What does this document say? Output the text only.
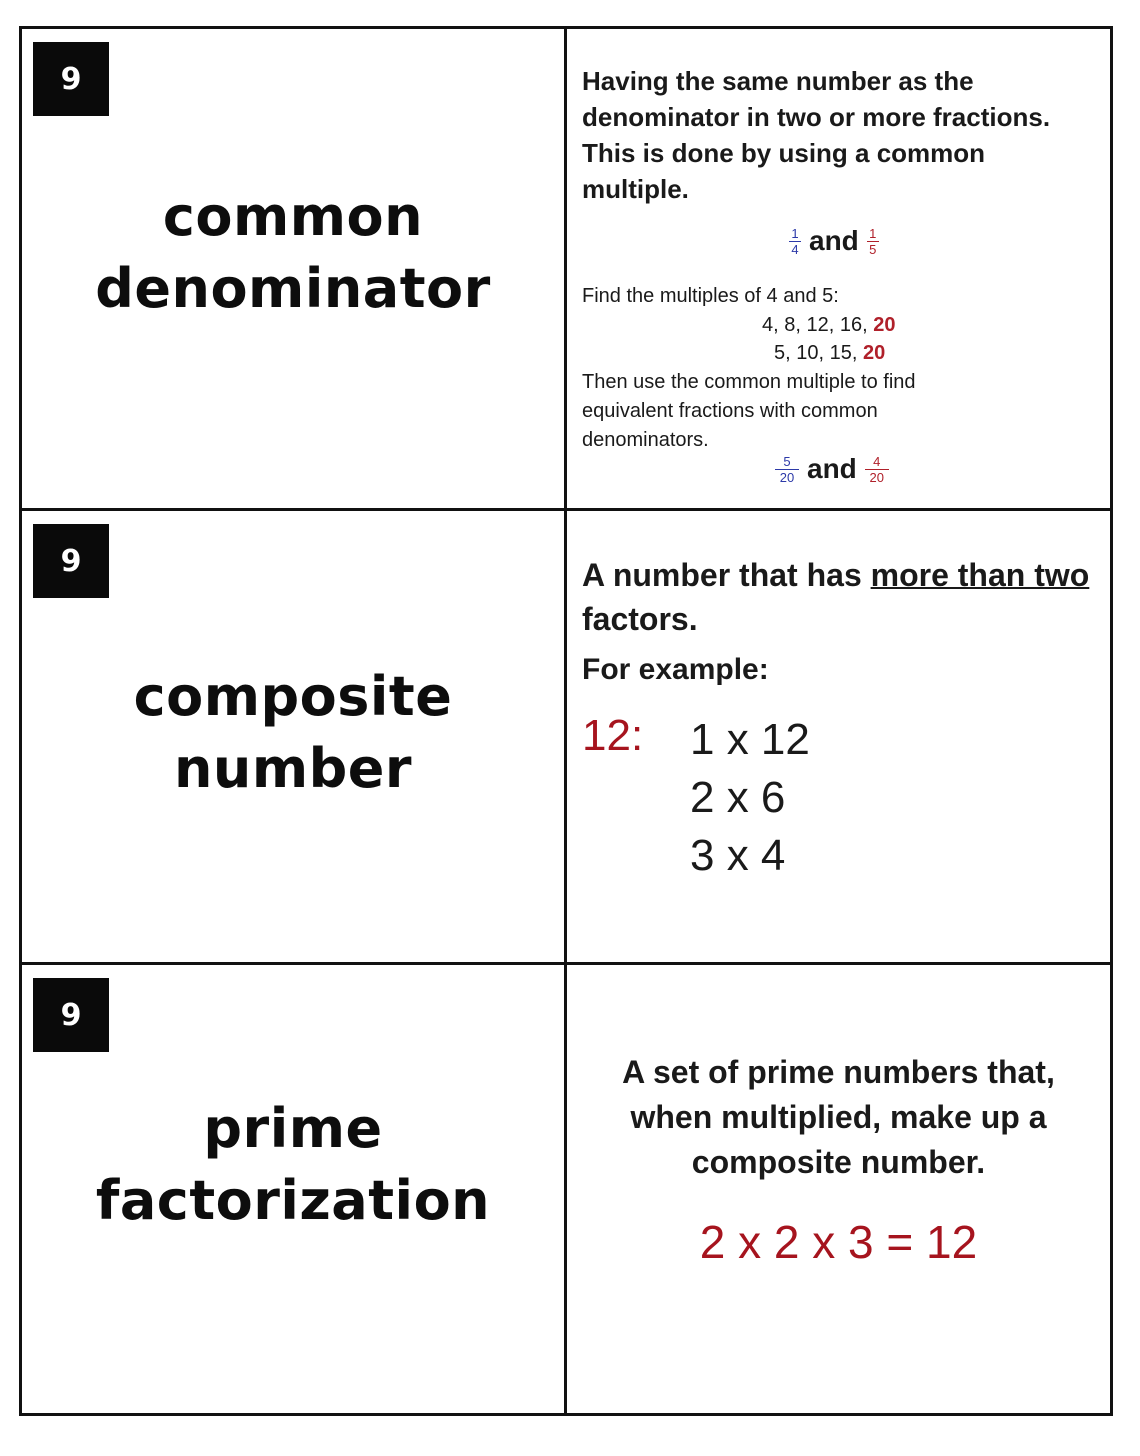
9
common
denominator
Having the same number as the denominator in two or more fractions. This is done by using a common multiple.
$\frac{1}{4}$ and $\frac{1}{5}$
Find the multiples of 4 and 5:
4, 8, 12, 16, 20
5, 10, 15, 20
Then use the common multiple to find equivalent fractions with common denominators.
$\frac{5}{20}$ and $\frac{4}{20}$
9
composite
number
A number that has more than two factors.
For example:
12: 1 x 12
2 x 6
3 x 4
9
prime
factorization
A set of prime numbers that, when multiplied, make up a composite number.
2 x 2 x 3 = 12
